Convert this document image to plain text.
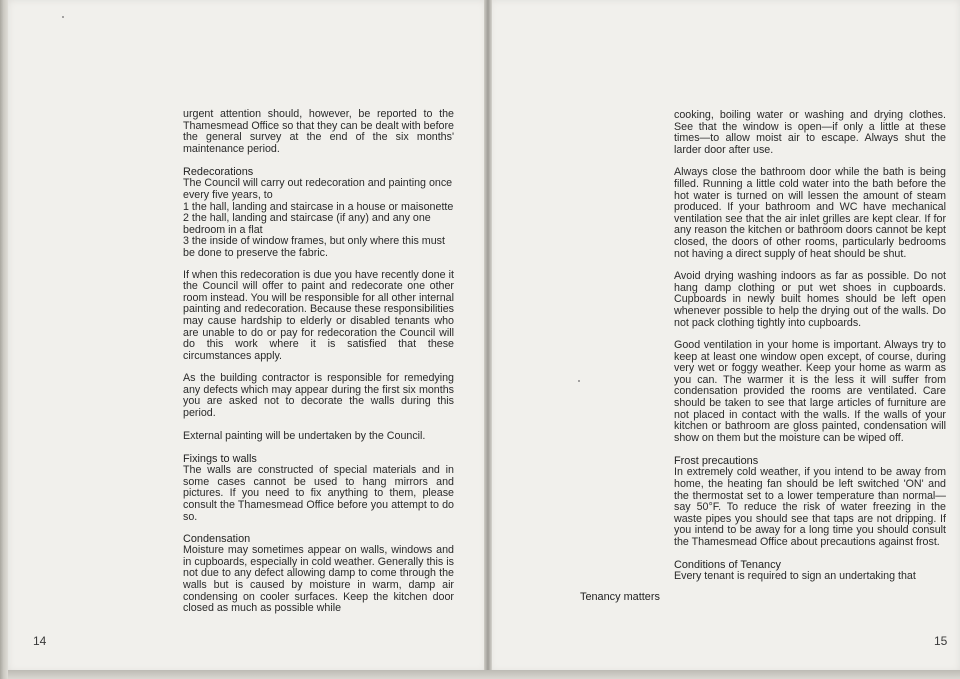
urgent attention should, however, be reported to the Thamesmead Office so that they can be dealt with before the general survey at the end of the six months' maintenance period.

Redecorations
The Council will carry out redecoration and painting once every five years, to
1 the hall, landing and staircase in a house or maisonette
2 the hall, landing and staircase (if any) and any one bedroom in a flat
3 the inside of window frames, but only where this must be done to preserve the fabric.

If when this redecoration is due you have recently done it the Council will offer to paint and redecorate one other room instead. You will be responsible for all other internal painting and redecoration. Because these responsibilities may cause hardship to elderly or disabled tenants who are unable to do or pay for redecoration the Council will do this work where it is satisfied that these circumstances apply.

As the building contractor is responsible for remedying any defects which may appear during the first six months you are asked not to decorate the walls during this period.

External painting will be undertaken by the Council.

Fixings to walls
The walls are constructed of special materials and in some cases cannot be used to hang mirrors and pictures. If you need to fix anything to them, please consult the Thamesmead Office before you attempt to do so.
Condensation
Moisture may sometimes appear on walls, windows and in cupboards, especially in cold weather. Generally this is not due to any defect allowing damp to come through the walls but is caused by moisture in warm, damp air condensing on cooler surfaces. Keep the kitchen door closed as much as possible while
14

cooking, boiling water or washing and drying clothes. See that the window is open—if only a little at these times—to allow moist air to escape. Always shut the larder door after use.

Always close the bathroom door while the bath is being filled. Running a little cold water into the bath before the hot water is turned on will lessen the amount of steam produced. If your bathroom and WC have mechanical ventilation see that the air inlet grilles are kept clear. If for any reason the kitchen or bathroom doors cannot be kept closed, the doors of other rooms, particularly bedrooms not having a direct supply of heat should be shut.

Avoid drying washing indoors as far as possible. Do not hang damp clothing or put wet shoes in cupboards. Cupboards in newly built homes should be left open whenever possible to help the drying out of the walls. Do not pack clothing tightly into cupboards.

Good ventilation in your home is important. Always try to keep at least one window open except, of course, during very wet or foggy weather. Keep your home as warm as you can. The warmer it is the less it will suffer from condensation provided the rooms are ventilated. Care should be taken to see that large articles of furniture are not placed in contact with the walls. If the walls of your kitchen or bathroom are gloss painted, condensation will show on them but the moisture can be wiped off.

Frost precautions
In extremely cold weather, if you intend to be away from home, the heating fan should be left switched 'ON' and the thermostat set to a lower temperature than normal—say 50°F. To reduce the risk of water freezing in the waste pipes you should see that taps are not dripping. If you intend to be away for a long time you should consult the Thamesmead Office about precautions against frost.
Conditions of Tenancy
Every tenant is required to sign an undertaking that
Tenancy matters
15
